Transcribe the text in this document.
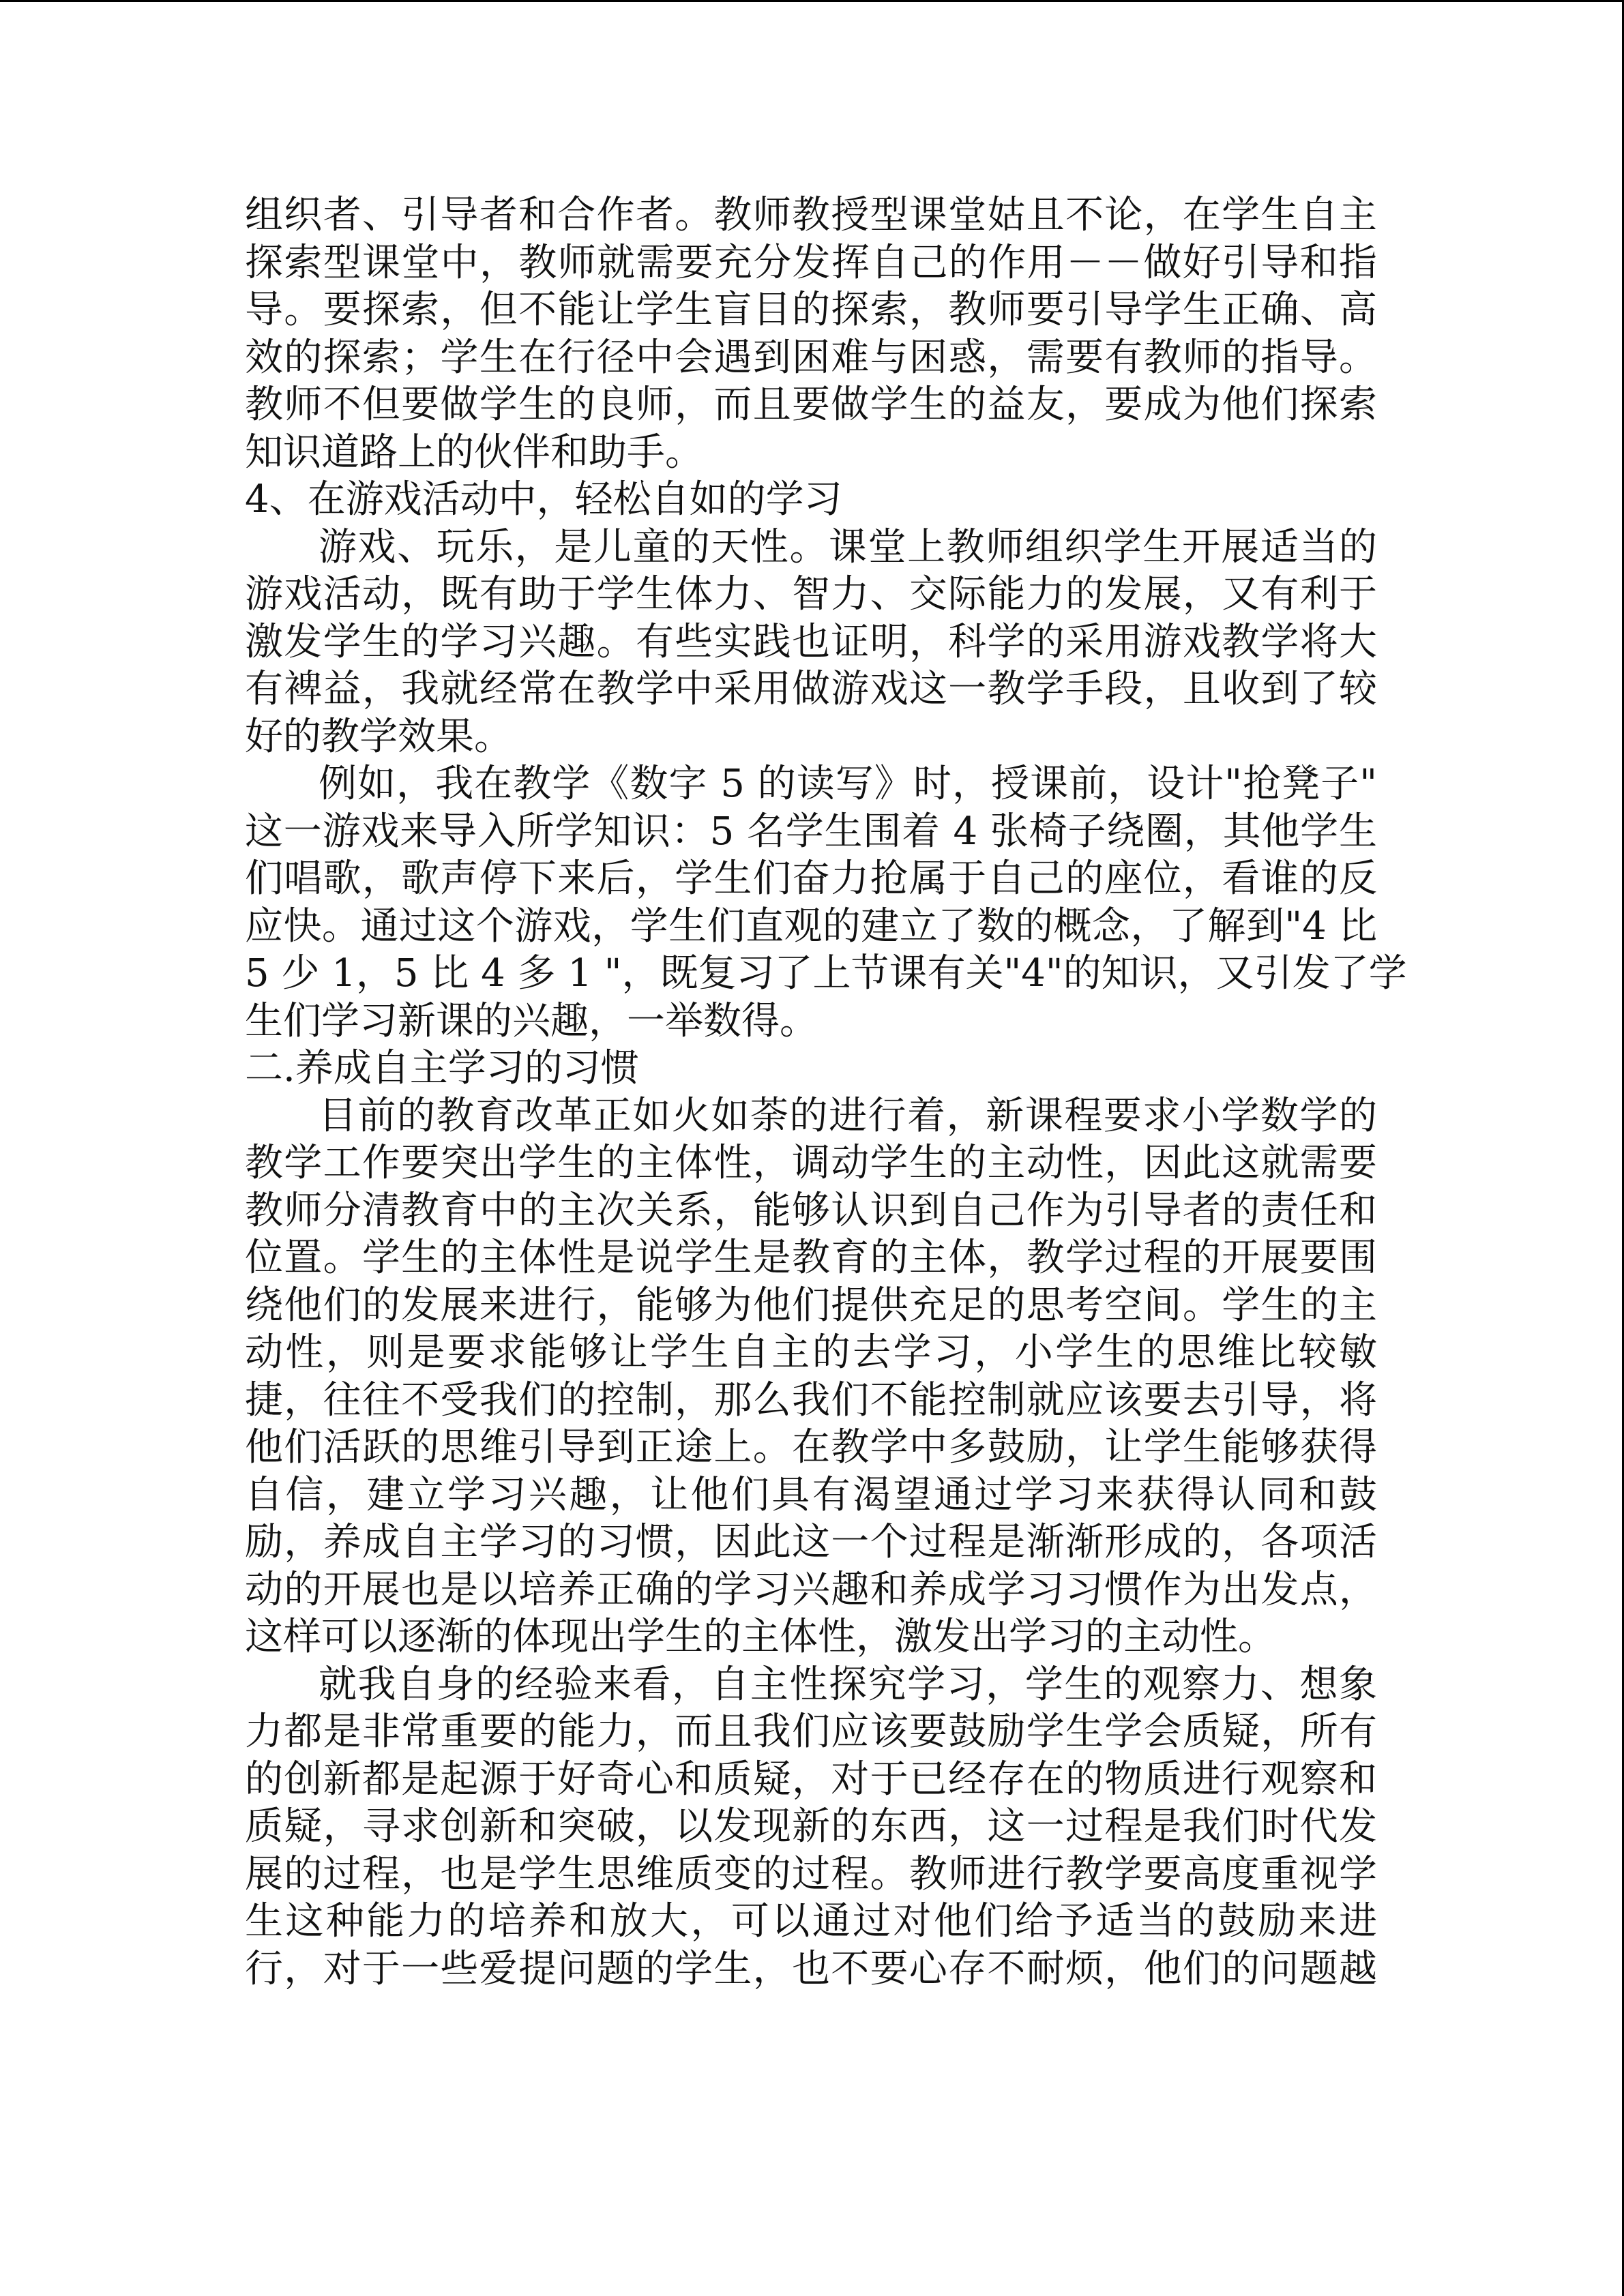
组织者、引导者和合作者。教师教授型课堂姑且不论，在学生自主
探索型课堂中，教师就需要充分发挥自己的作用－－做好引导和指
导。要探索，但不能让学生盲目的探索，教师要引导学生正确、高
效的探索；学生在行径中会遇到困难与困惑，需要有教师的指导。
教师不但要做学生的良师，而且要做学生的益友，要成为他们探索
知识道路上的伙伴和助手。
4、在游戏活动中，轻松自如的学习
游戏、玩乐，是儿童的天性。课堂上教师组织学生开展适当的
游戏活动，既有助于学生体力、智力、交际能力的发展，又有利于
激发学生的学习兴趣。有些实践也证明，科学的采用游戏教学将大
有裨益，我就经常在教学中采用做游戏这一教学手段，且收到了较
好的教学效果。
例如，我在教学《数字 5 的读写》时，授课前，设计"抢凳子"
这一游戏来导入所学知识：5 名学生围着 4 张椅子绕圈，其他学生
们唱歌，歌声停下来后，学生们奋力抢属于自己的座位，看谁的反
应快。通过这个游戏，学生们直观的建立了数的概念，了解到"4 比
5 少 1，5 比 4 多 1 "，既复习了上节课有关"4"的知识，又引发了学
生们学习新课的兴趣，一举数得。
二.养成自主学习的习惯
目前的教育改革正如火如荼的进行着，新课程要求小学数学的
教学工作要突出学生的主体性，调动学生的主动性，因此这就需要
教师分清教育中的主次关系，能够认识到自己作为引导者的责任和
位置。学生的主体性是说学生是教育的主体，教学过程的开展要围
绕他们的发展来进行，能够为他们提供充足的思考空间。学生的主
动性，则是要求能够让学生自主的去学习，小学生的思维比较敏
捷，往往不受我们的控制，那么我们不能控制就应该要去引导，将
他们活跃的思维引导到正途上。在教学中多鼓励，让学生能够获得
自信，建立学习兴趣，让他们具有渴望通过学习来获得认同和鼓
励，养成自主学习的习惯，因此这一个过程是渐渐形成的，各项活
动的开展也是以培养正确的学习兴趣和养成学习习惯作为出发点，
这样可以逐渐的体现出学生的主体性，激发出学习的主动性。
就我自身的经验来看，自主性探究学习，学生的观察力、想象
力都是非常重要的能力，而且我们应该要鼓励学生学会质疑，所有
的创新都是起源于好奇心和质疑，对于已经存在的物质进行观察和
质疑，寻求创新和突破，以发现新的东西，这一过程是我们时代发
展的过程，也是学生思维质变的过程。教师进行教学要高度重视学
生这种能力的培养和放大，可以通过对他们给予适当的鼓励来进
行，对于一些爱提问题的学生，也不要心存不耐烦，他们的问题越
